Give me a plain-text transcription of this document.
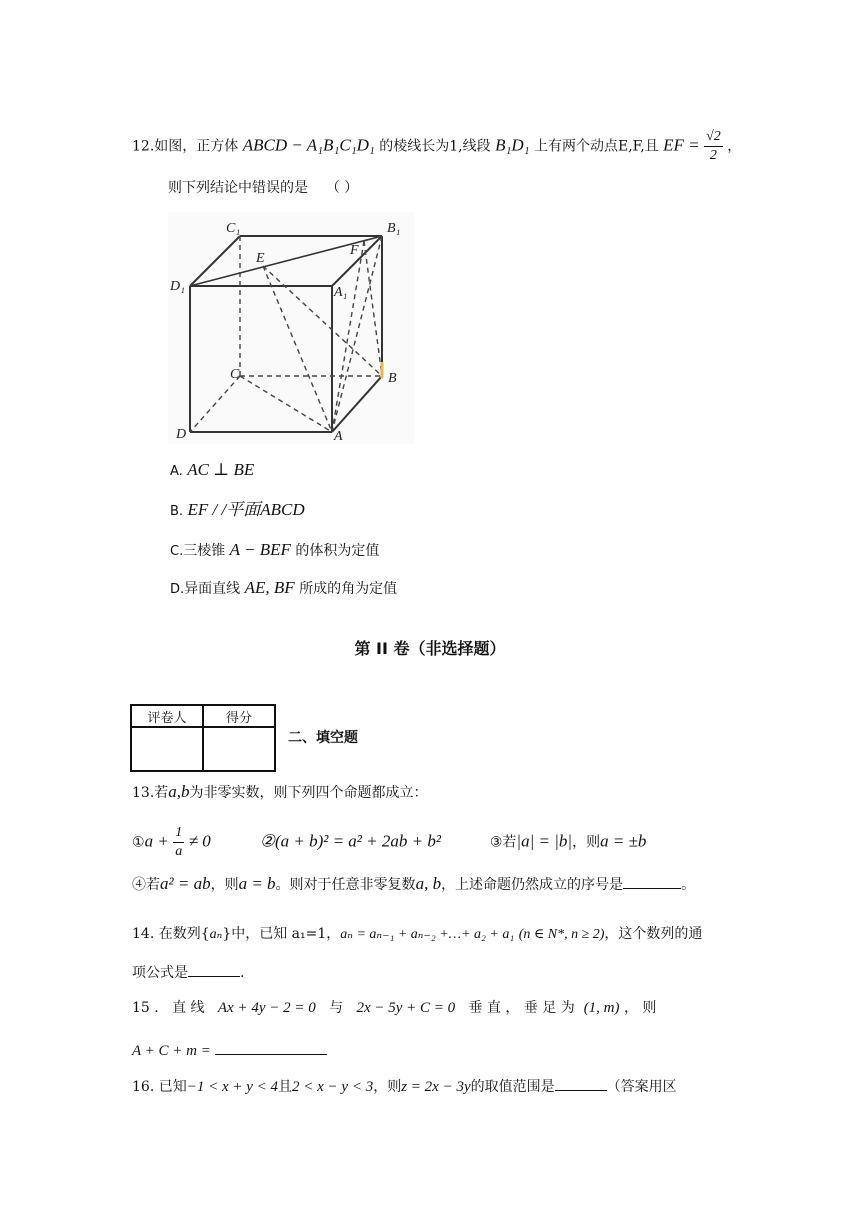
12.如图，正方体 ABCD − A₁B₁C₁D₁ 的棱线长为1,线段 B₁D₁ 上有两个动点E,F,且 EF = $\frac{√2}{2}$ ，
则下列结论中错误的是 （ ）
C₁	B₁
D₁	A₁
E
F
C	B
D	A
A. AC ⊥ BE
B. EF / /平面ABCD
C.三棱锥 A − BEF 的体积为定值
D.异面直线 AE, BF 所成的角为定值
第 II 卷（非选择题）
评卷人	得分

二、填空题
13.若a,b为非零实数，则下列四个命题都成立：
①a + $\frac{1}{a} \ne 0$	②(a + b)² = a² + 2ab + b²	③若|a| = |b|，则a = ±b
④若a² = ab，则a = b。则对于任意非零复数a, b，上述命题仍然成立的序号是	。
14. 在数列{aₙ}中，已知 a₁=1，aₙ = aₙ₋₁ + aₙ₋₂ +…+ a₂ + a₁ (n ∈ N*, n ≥ 2)，这个数列的通
项公式是	.
15 . 直 线 Ax + 4y − 2 = 0 与 2x − 5y + C = 0 垂 直 ， 垂 足 为 (1, m) ， 则
A + C + m =
16. 已知−1 < x + y < 4且2 < x − y < 3，则z = 2x − 3y的取值范围是	（答案用区
